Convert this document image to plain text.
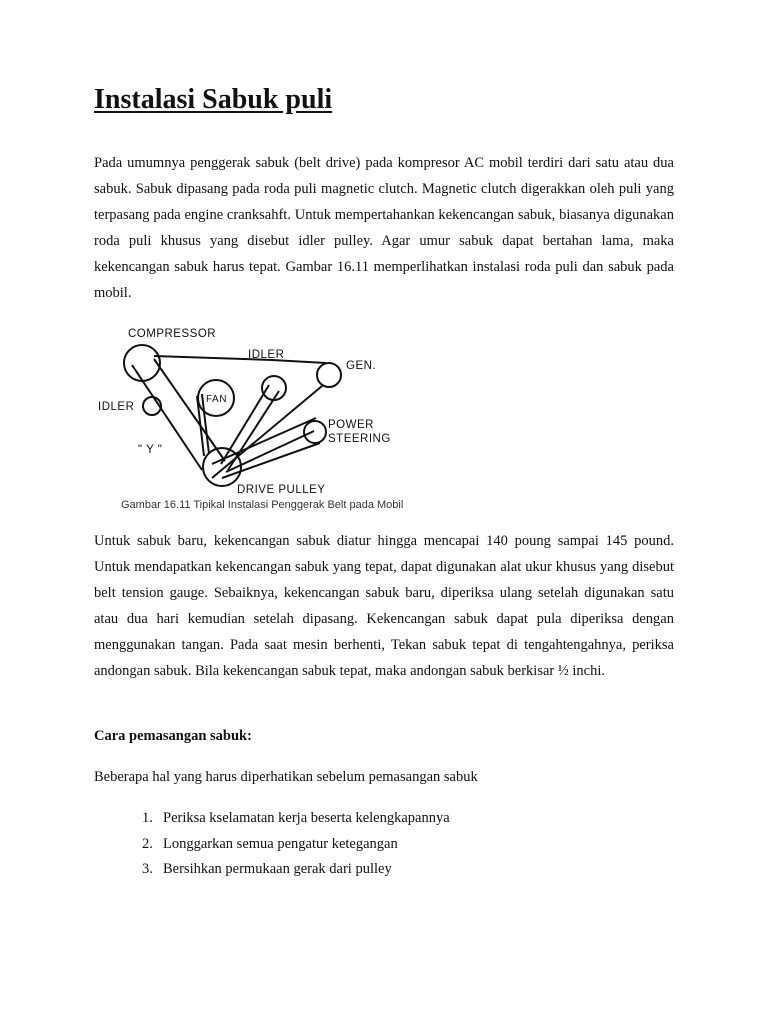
Instalasi Sabuk puli

Pada umumnya penggerak sabuk (belt drive) pada kompresor AC mobil terdiri dari satu atau dua sabuk. Sabuk dipasang pada roda puli magnetic clutch. Magnetic clutch digerakkan oleh puli yang terpasang pada engine cranksahft. Untuk mempertahankan kekencangan sabuk, biasanya digunakan roda puli khusus yang disebut idler pulley. Agar umur sabuk dapat bertahan lama, maka kekencangan sabuk harus tepat. Gambar 16.11 memperlihatkan instalasi roda puli dan sabuk pada mobil.

COMPRESSOR
IDLER
GEN.
FAN
IDLER
POWER
STEERING
" Y "
DRIVE PULLEY
Gambar 16.11 Tipikal Instalasi Penggerak Belt pada Mobil

Untuk sabuk baru, kekencangan sabuk diatur hingga mencapai 140 poung sampai 145 pound. Untuk mendapatkan kekencangan sabuk yang tepat, dapat digunakan alat ukur khusus yang disebut belt tension gauge. Sebaiknya, kekencangan sabuk baru, diperiksa ulang setelah digunakan satu atau dua hari kemudian setelah dipasang. Kekencangan sabuk dapat pula diperiksa dengan menggunakan tangan. Pada saat mesin berhenti, Tekan sabuk tepat di tengahtengahnya, periksa andongan sabuk. Bila kekencangan sabuk tepat, maka andongan sabuk berkisar ½ inchi.

Cara pemasangan sabuk:

Beberapa hal yang harus diperhatikan sebelum pemasangan sabuk

1. Periksa kselamatan kerja beserta kelengkapannya
2. Longgarkan semua pengatur ketegangan
3. Bersihkan permukaan gerak dari pulley
